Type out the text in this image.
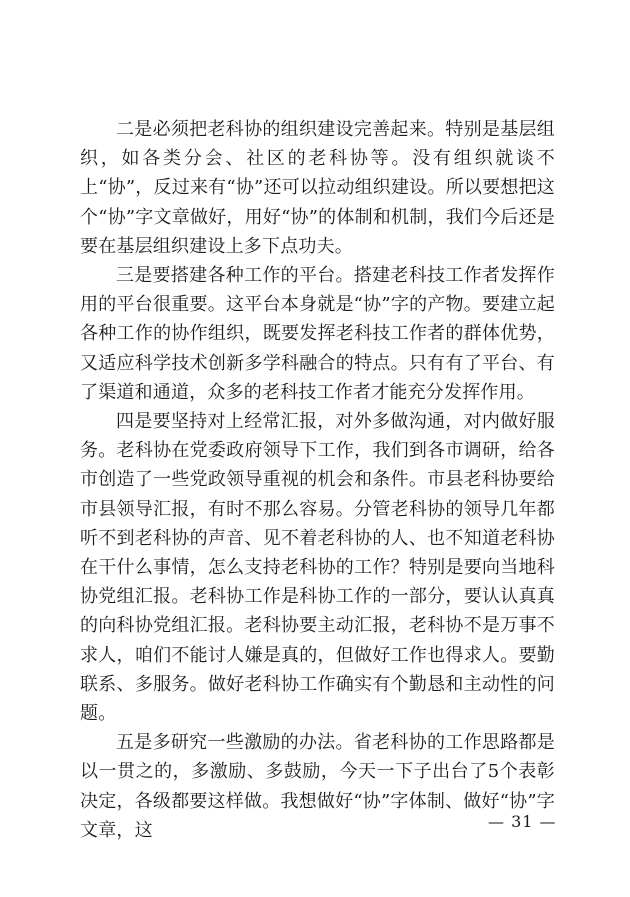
二是必须把老科协的组织建设完善起来。特别是基层组织，如各类分会、社区的老科协等。没有组织就谈不上“协”，反过来有“协”还可以拉动组织建设。所以要想把这个“协”字文章做好，用好“协”的体制和机制，我们今后还是要在基层组织建设上多下点功夫。

三是要搭建各种工作的平台。搭建老科技工作者发挥作用的平台很重要。这平台本身就是“协”字的产物。要建立起各种工作的协作组织，既要发挥老科技工作者的群体优势，又适应科学技术创新多学科融合的特点。只有有了平台、有了渠道和通道，众多的老科技工作者才能充分发挥作用。

四是要坚持对上经常汇报，对外多做沟通，对内做好服务。老科协在党委政府领导下工作，我们到各市调研，给各市创造了一些党政领导重视的机会和条件。市县老科协要给市县领导汇报，有时不那么容易。分管老科协的领导几年都听不到老科协的声音、见不着老科协的人、也不知道老科协在干什么事情，怎么支持老科协的工作？特别是要向当地科协党组汇报。老科协工作是科协工作的一部分，要认认真真的向科协党组汇报。老科协要主动汇报，老科协不是万事不求人，咱们不能讨人嫌是真的，但做好工作也得求人。要勤联系、多服务。做好老科协工作确实有个勤恳和主动性的问题。

五是多研究一些激励的办法。省老科协的工作思路都是以一贯之的，多激励、多鼓励，今天一下子出台了5个表彰决定，各级都要这样做。我想做好“协”字体制、做好“协”字文章，这	— 31 —
